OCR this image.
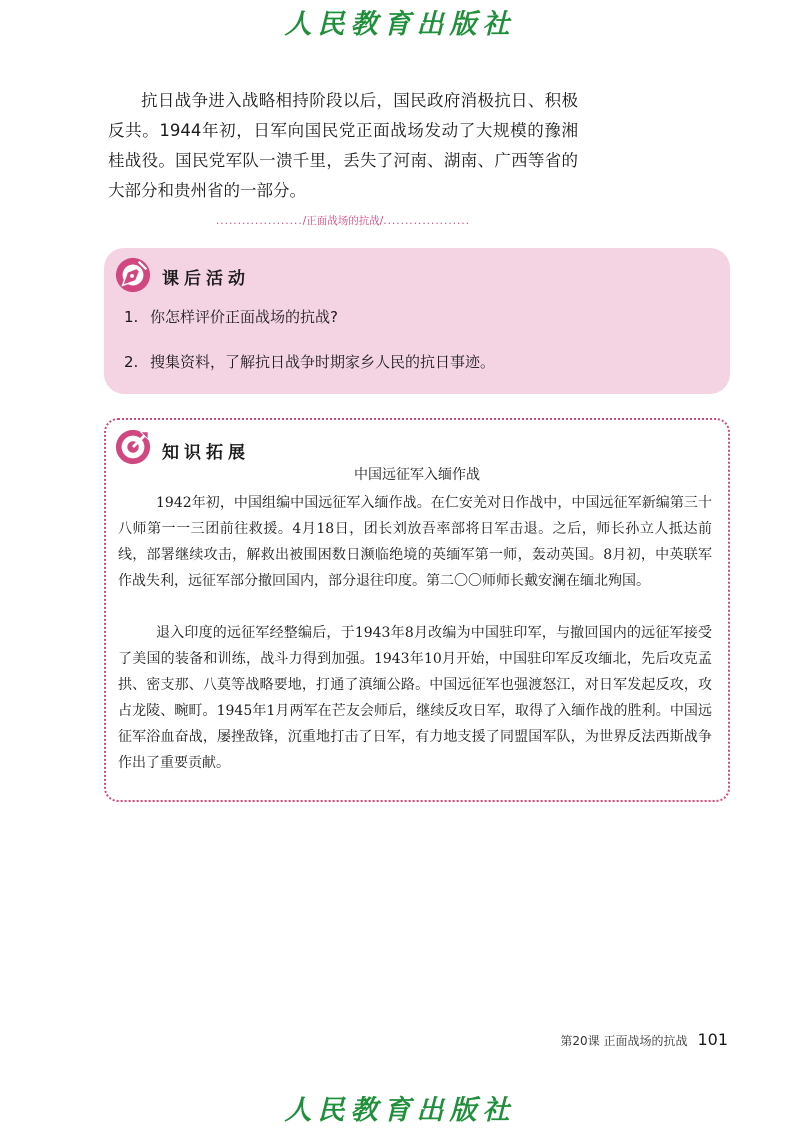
人民教育出版社

抗日战争进入战略相持阶段以后，国民政府消极抗日、积极反共。1944年初，日军向国民党正面战场发动了大规模的豫湘桂战役。国民党军队一溃千里，丢失了河南、湖南、广西等省的大部分和贵州省的一部分。

..................../正面战场的抗战/....................
课后活动

1. 你怎样评价正面战场的抗战?

2. 搜集资料，了解抗日战争时期家乡人民的抗日事迹。

知识拓展

中国远征军入缅作战

1942年初，中国组编中国远征军入缅作战。在仁安羌对日作战中，中国远征军新编第三十八师第一一三团前往救援。4月18日，团长刘放吾率部将日军击退。之后，师长孙立人抵达前线，部署继续攻击，解救出被围困数日濒临绝境的英缅军第一师，轰动英国。8月初，中英联军作战失利，远征军部分撤回国内，部分退往印度。第二〇〇师师长戴安澜在缅北殉国。

退入印度的远征军经整编后，于1943年8月改编为中国驻印军，与撤回国内的远征军接受了美国的装备和训练，战斗力得到加强。1943年10月开始，中国驻印军反攻缅北，先后攻克孟拱、密支那、八莫等战略要地，打通了滇缅公路。中国远征军也强渡怒江，对日军发起反攻，攻占龙陵、畹町。1945年1月两军在芒友会师后，继续反攻日军，取得了入缅作战的胜利。中国远征军浴血奋战，屡挫敌锋，沉重地打击了日军，有力地支援了同盟国军队，为世界反法西斯战争作出了重要贡献。

第20课 正面战场的抗战 101
人民教育出版社
